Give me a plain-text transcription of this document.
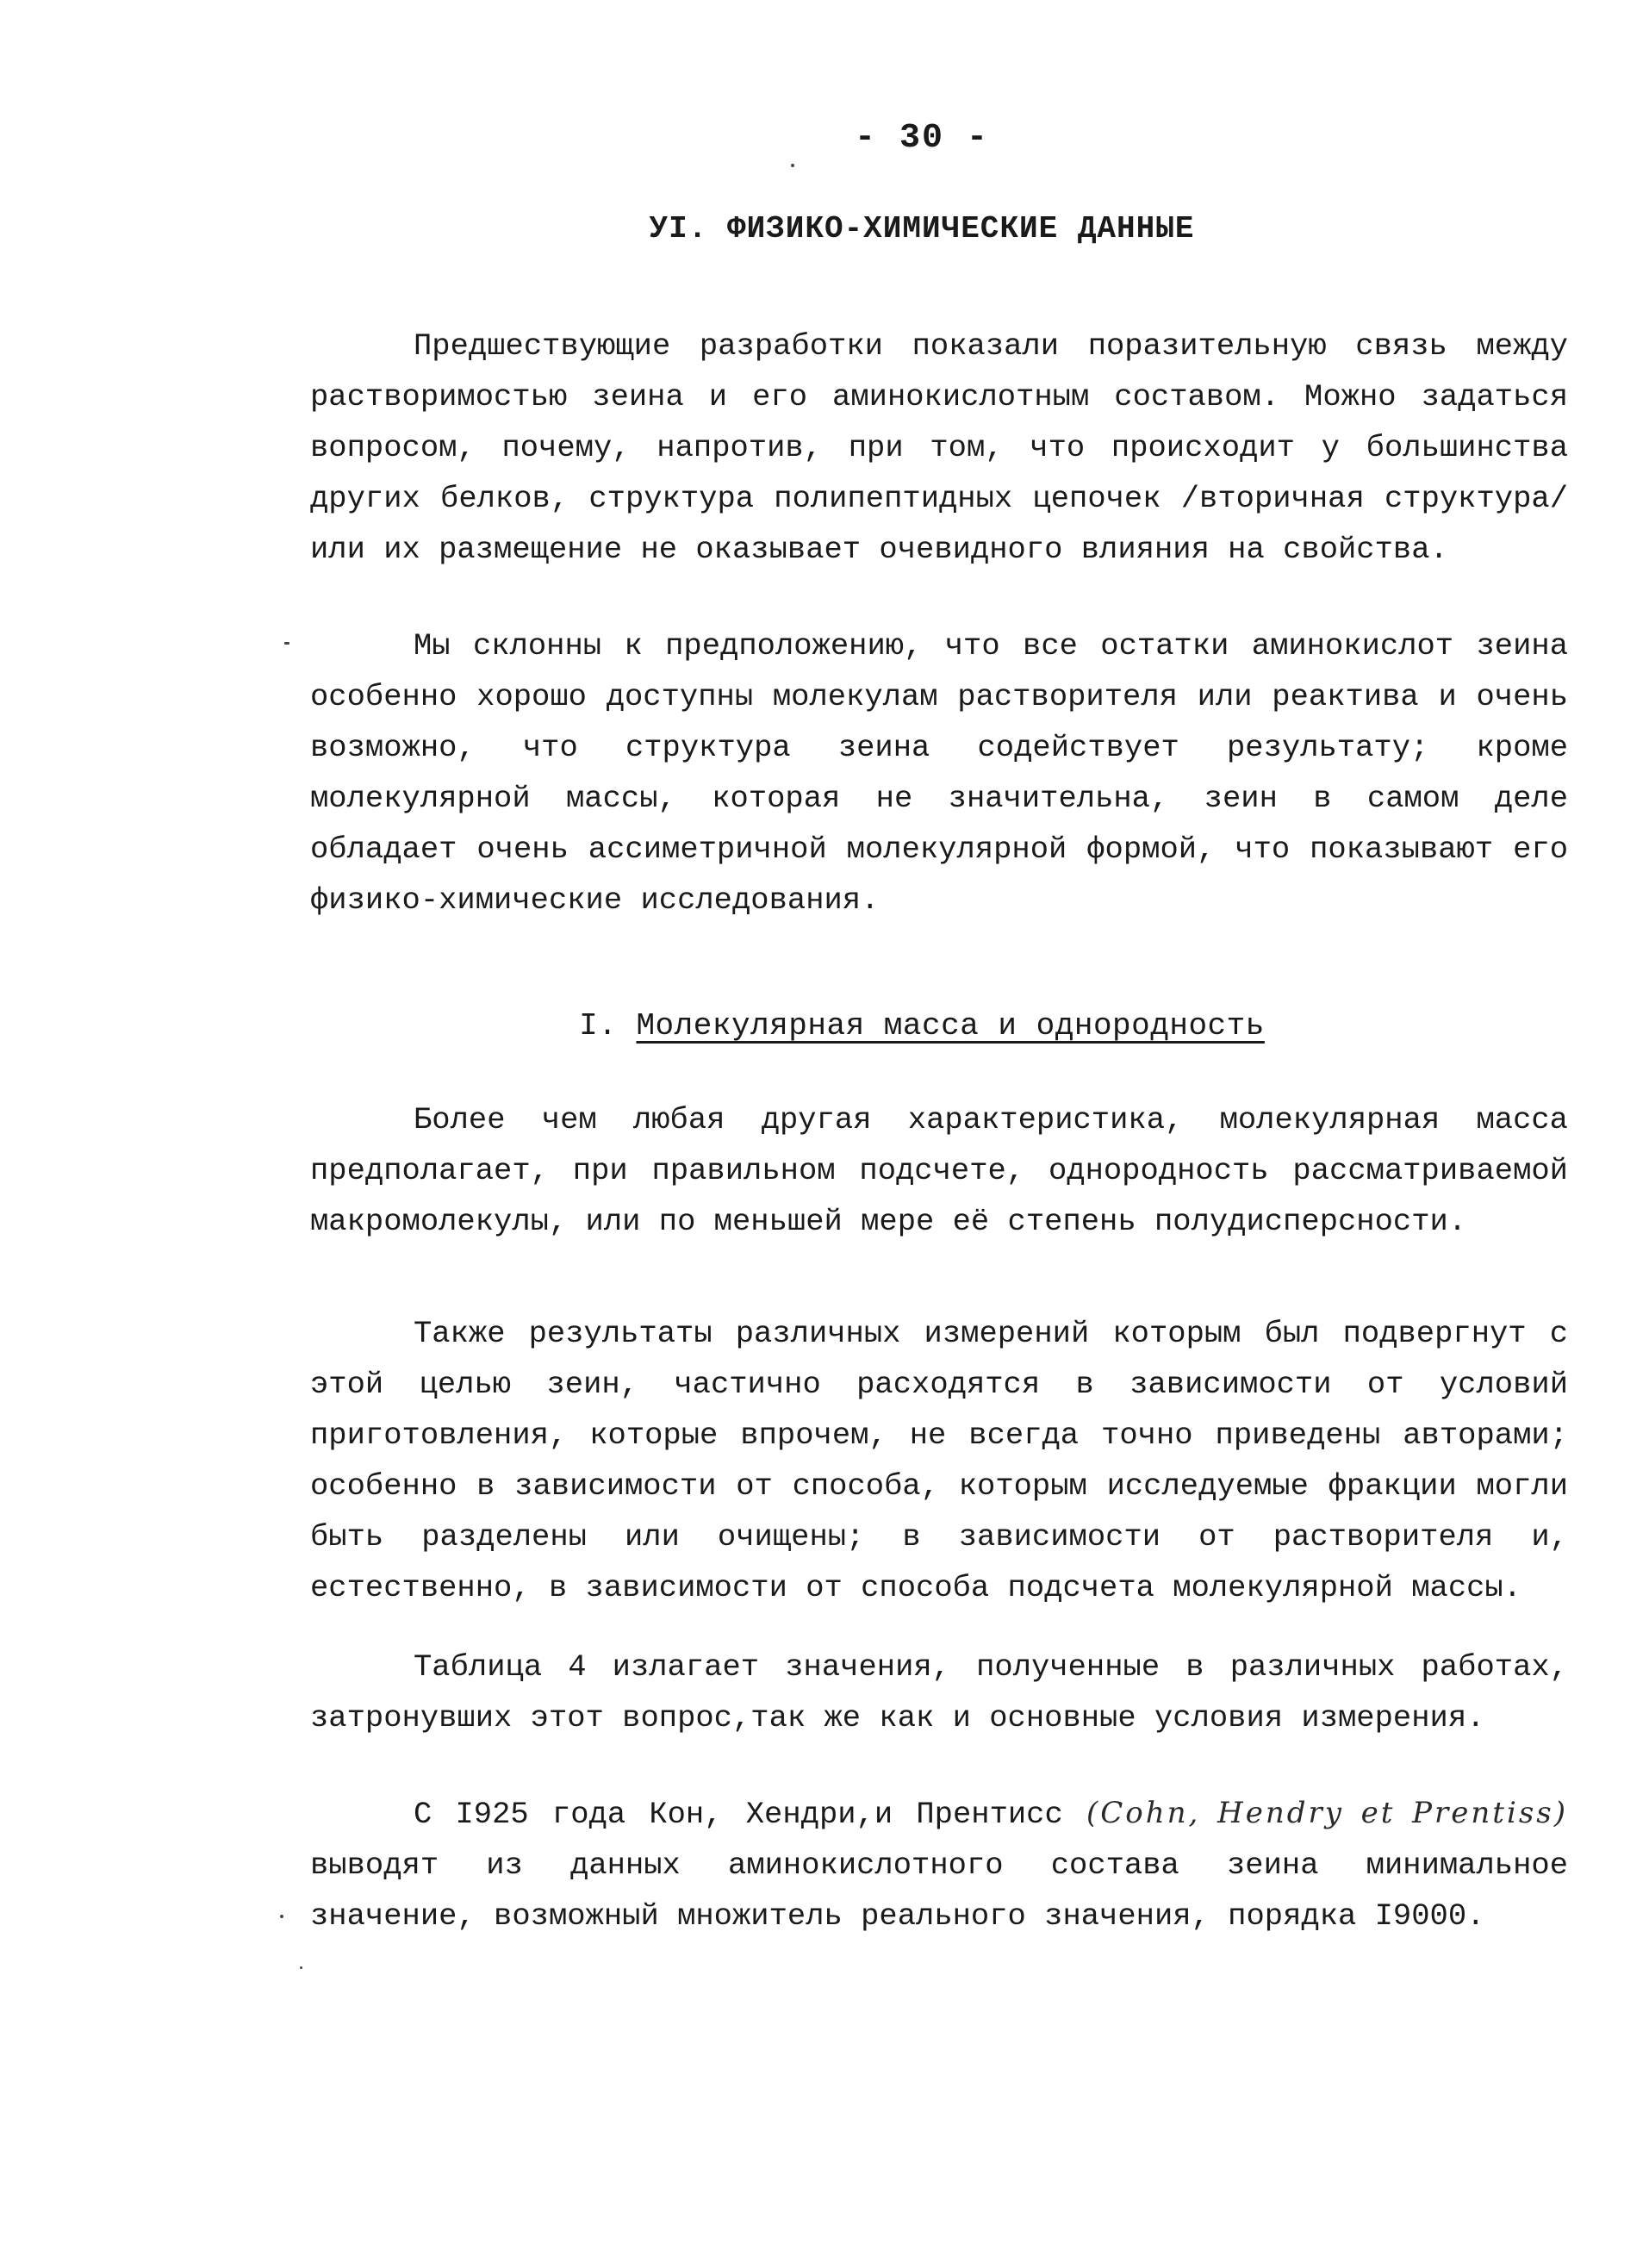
- 30 -
УI. ФИЗИКО-ХИМИЧЕСКИЕ ДАННЫЕ

Предшествующие разработки показали поразительную связь между растворимостью зеина и его аминокислотным составом. Можно задаться вопросом, почему, напротив, при том, что происходит у большинства других белков, структура полипептидных цепочек /вторичная структура/ или их размещение не оказывает очевидного влияния на свойства.

Мы склонны к предположению, что все остатки аминокислот зеина особенно хорошо доступны молекулам растворителя или реактива и очень возможно, что структура зеина содействует результату; кроме молекулярной массы, которая не значительна, зеин в самом деле обладает очень ассиметричной молекулярной формой, что показывают его физико-химические исследования.

I. Молекулярная масса и однородность

Более чем любая другая характеристика, молекулярная масса предполагает, при правильном подсчете, однородность рассматриваемой макромолекулы, или по меньшей мере её степень полудисперсности.

Также результаты различных измерений которым был подвергнут с этой целью зеин, частично расходятся в зависимости от условий приготовления, которые впрочем, не всегда точно приведены авторами; особенно в зависимости от способа, которым исследуемые фракции могли быть разделены или очищены; в зависимости от растворителя и, естественно, в зависимости от способа подсчета молекулярной массы.

Таблица 4 излагает значения, полученные в различных работах, затронувших этот вопрос,так же как и основные условия измерения.

С I925 года Кон, Хендри,и Прентисс (Cohn, Hendry et Prentiss) выводят из данных аминокислотного состава зеина минимальное значение, возможный множитель реального значения, порядка I9000.
